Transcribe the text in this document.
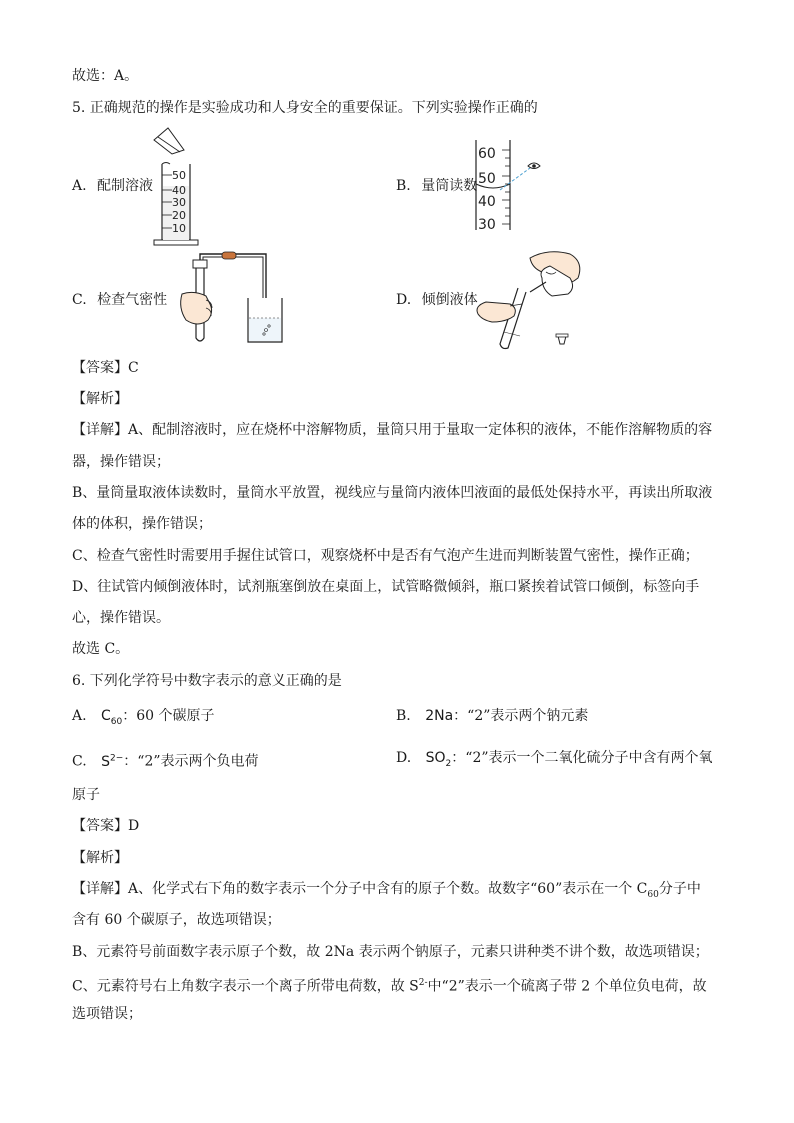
故选：A。
5. 正确规范的操作是实验成功和人身安全的重要保证。下列实验操作正确的
A. 配制溶液
50
40
30
20
10
B. 量筒读数
60
50
40
30
C. 检查气密性	D. 倾倒液体
【答案】C
【解析】
【详解】A、配制溶液时，应在烧杯中溶解物质，量筒只用于量取一定体积的液体，不能作溶解物质的容
器，操作错误；
B、量筒量取液体读数时，量筒水平放置，视线应与量筒内液体凹液面的最低处保持水平，再读出所取液
体的体积，操作错误；
C、检查气密性时需要用手握住试管口，观察烧杯中是否有气泡产生进而判断装置气密性，操作正确；
D、往试管内倾倒液体时，试剂瓶塞倒放在桌面上，试管略微倾斜，瓶口紧挨着试管口倾倒，标签向手
心，操作错误。
故选 C。
6. 下列化学符号中数字表示的意义正确的是
A. $C_{60}$：60 个碳原子	B. 2Na：“2”表示两个钠元素
C. $S^{2-}$：“2”表示两个负电荷	D. $SO_2$：“2”表示一个二氧化硫分子中含有两个氧
原子
【答案】D
【解析】
【详解】A、化学式右下角的数字表示一个分子中含有的原子个数。故数字“60”表示在一个 $C_{60}$分子中
含有 60 个碳原子，故选项错误；
B、元素符号前面数字表示原子个数，故 2Na 表示两个钠原子，元素只讲种类不讲个数，故选项错误；
C、元素符号右上角数字表示一个离子所带电荷数，故 $S^{2-}$中“2”表示一个硫离子带 2 个单位负电荷，故
选项错误；
